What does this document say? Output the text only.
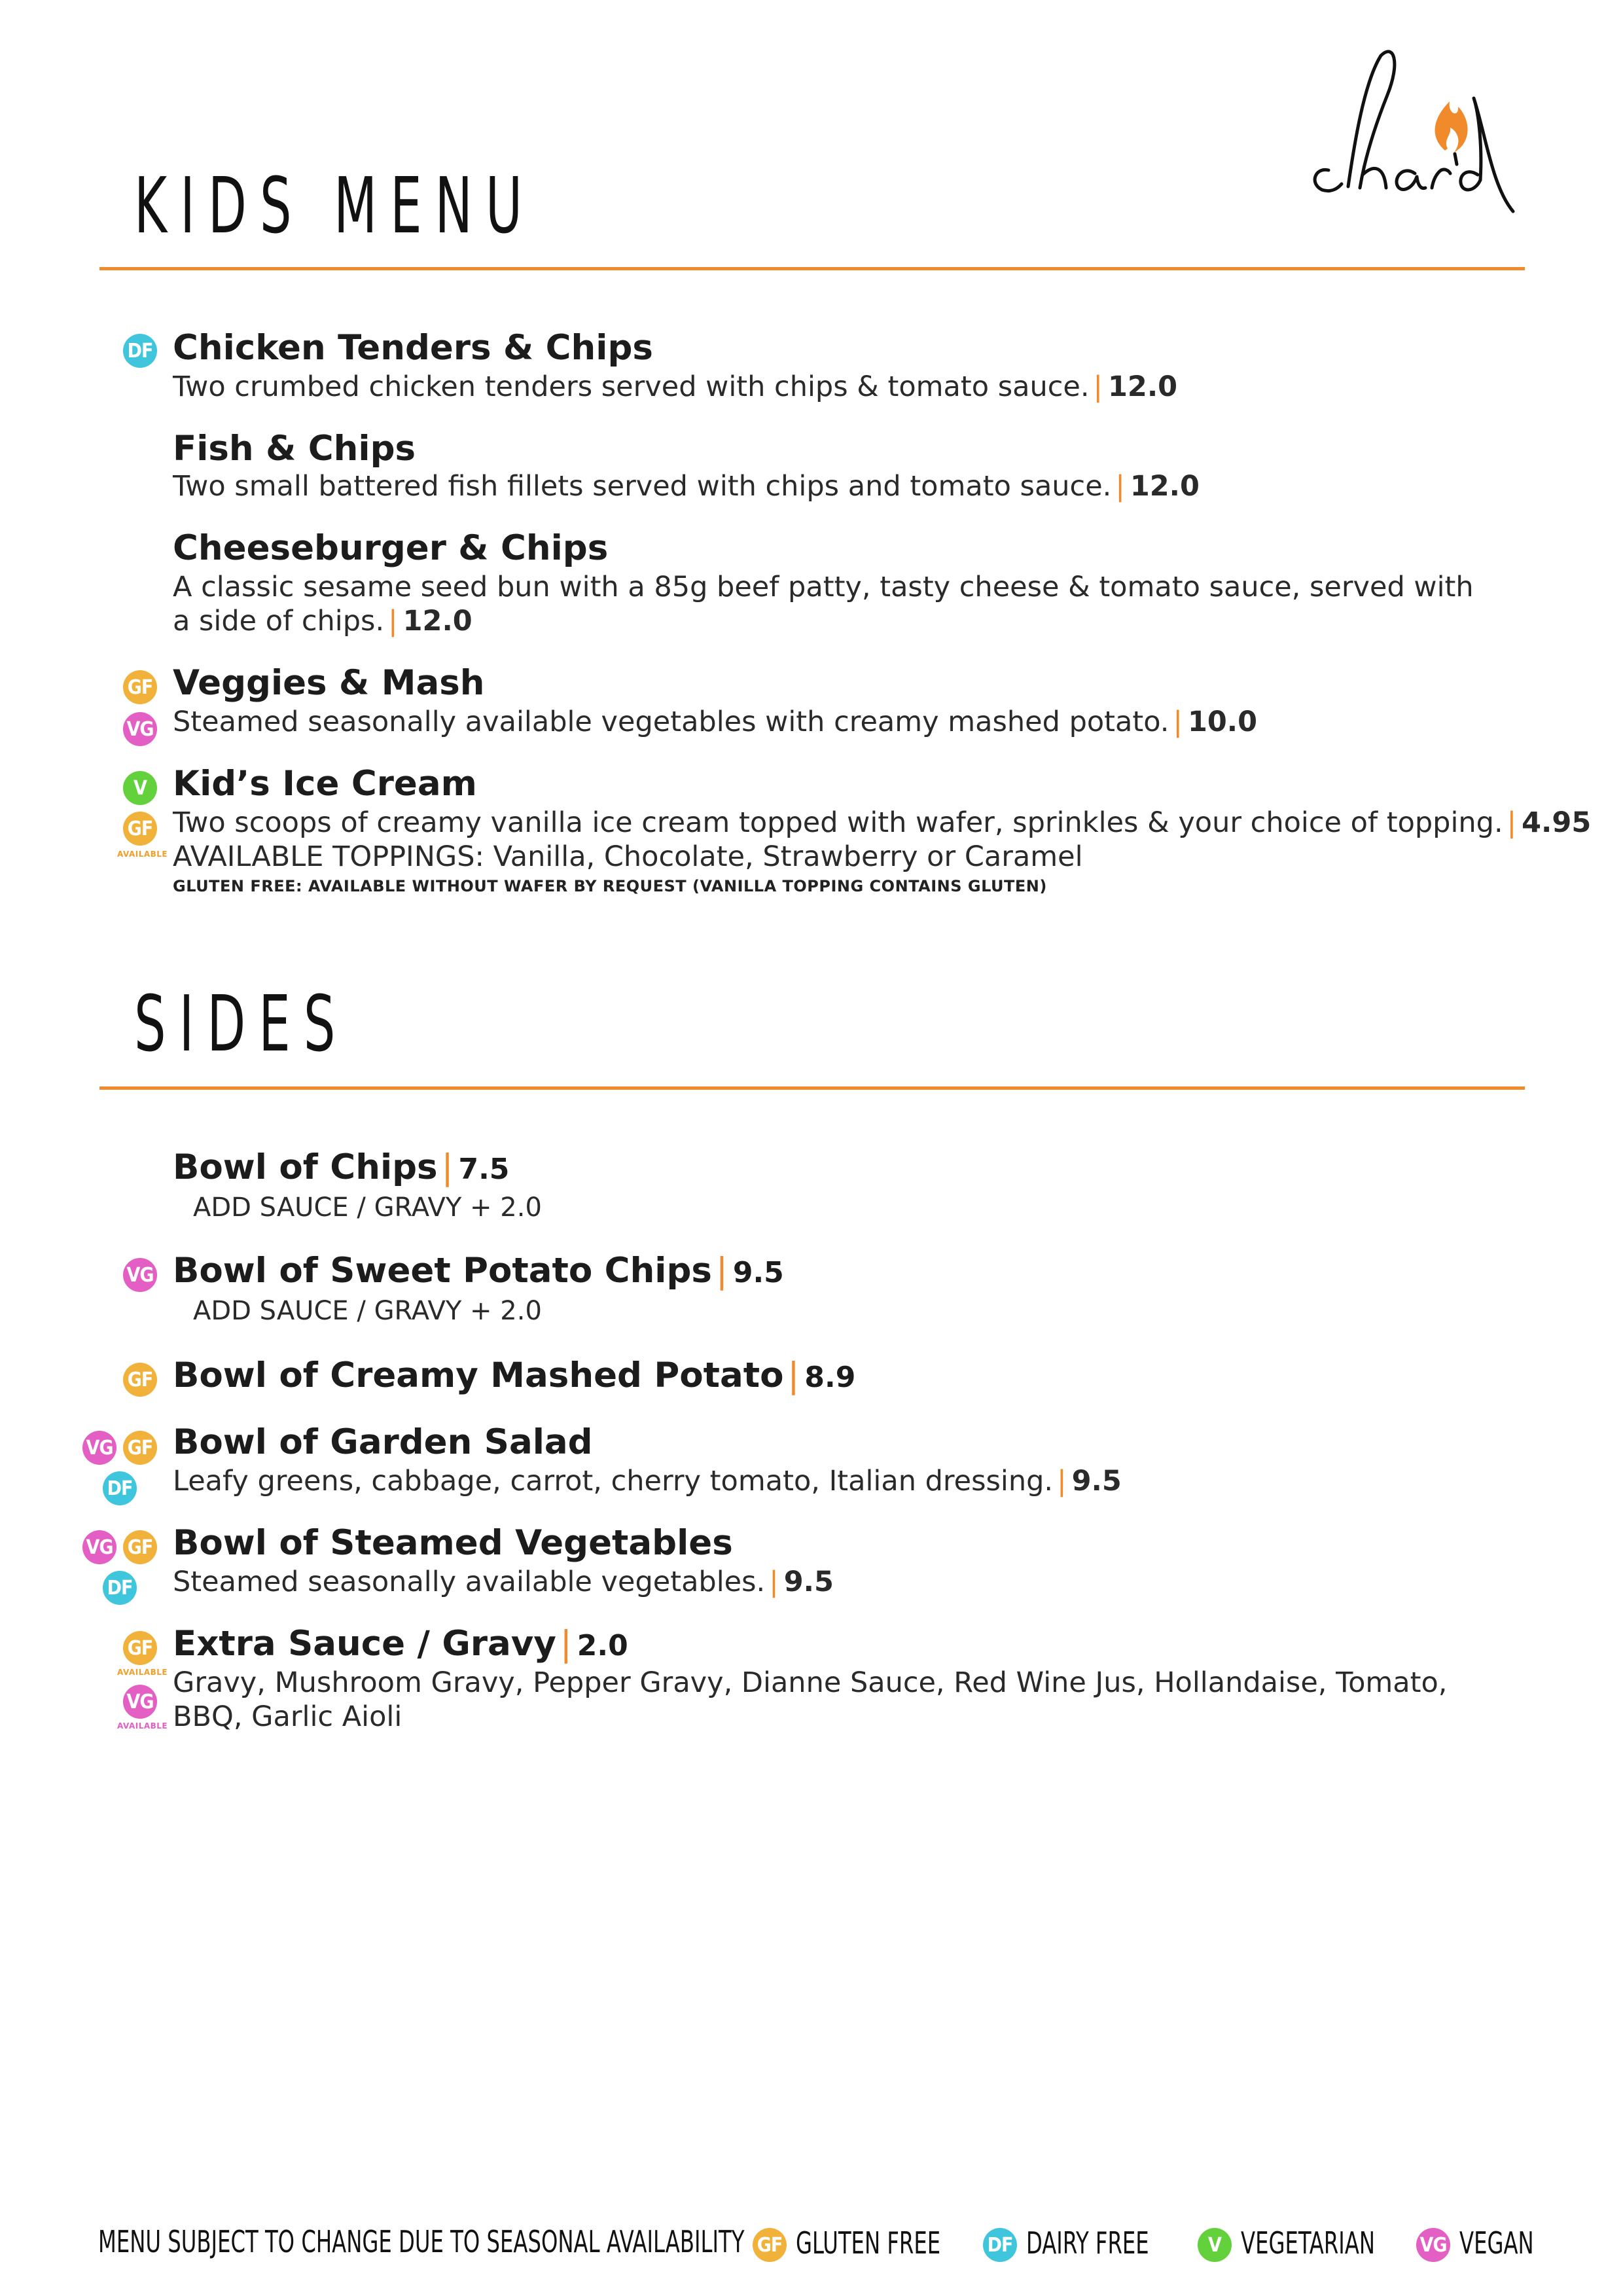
KIDS MENU
DF Chicken Tenders & Chips
Two crumbed chicken tenders served with chips & tomato sauce. | 12.0
Fish & Chips
Two small battered fish fillets served with chips and tomato sauce. | 12.0
Cheeseburger & Chips
A classic sesame seed bun with a 85g beef patty, tasty cheese & tomato sauce, served with
a side of chips. | 12.0
GF
VG
Veggies & Mash
Steamed seasonally available vegetables with creamy mashed potato. | 10.0
V
GF
AVAILABLE
Kid’s Ice Cream
Two scoops of creamy vanilla ice cream topped with wafer, sprinkles & your choice of topping. | 4.95
AVAILABLE TOPPINGS: Vanilla, Chocolate, Strawberry or Caramel
GLUTEN FREE: AVAILABLE WITHOUT WAFER BY REQUEST (VANILLA TOPPING CONTAINS GLUTEN)
SIDES
Bowl of Chips | 7.5
ADD SAUCE / GRAVY + 2.0
VG Bowl of Sweet Potato Chips | 9.5
ADD SAUCE / GRAVY + 2.0
GF Bowl of Creamy Mashed Potato | 8.9
VG GF
DF
Bowl of Garden Salad
Leafy greens, cabbage, carrot, cherry tomato, Italian dressing. | 9.5
VG GF
DF
Bowl of Steamed Vegetables
Steamed seasonally available vegetables. | 9.5
GF
AVAILABLE
VG
AVAILABLE
Extra Sauce / Gravy | 2.0
Gravy, Mushroom Gravy, Pepper Gravy, Dianne Sauce, Red Wine Jus, Hollandaise, Tomato,
BBQ, Garlic Aioli
MENU SUBJECT TO CHANGE DUE TO SEASONAL AVAILABILITY GF GLUTEN FREE DF DAIRY FREE	V VEGETARIAN VG VEGAN
